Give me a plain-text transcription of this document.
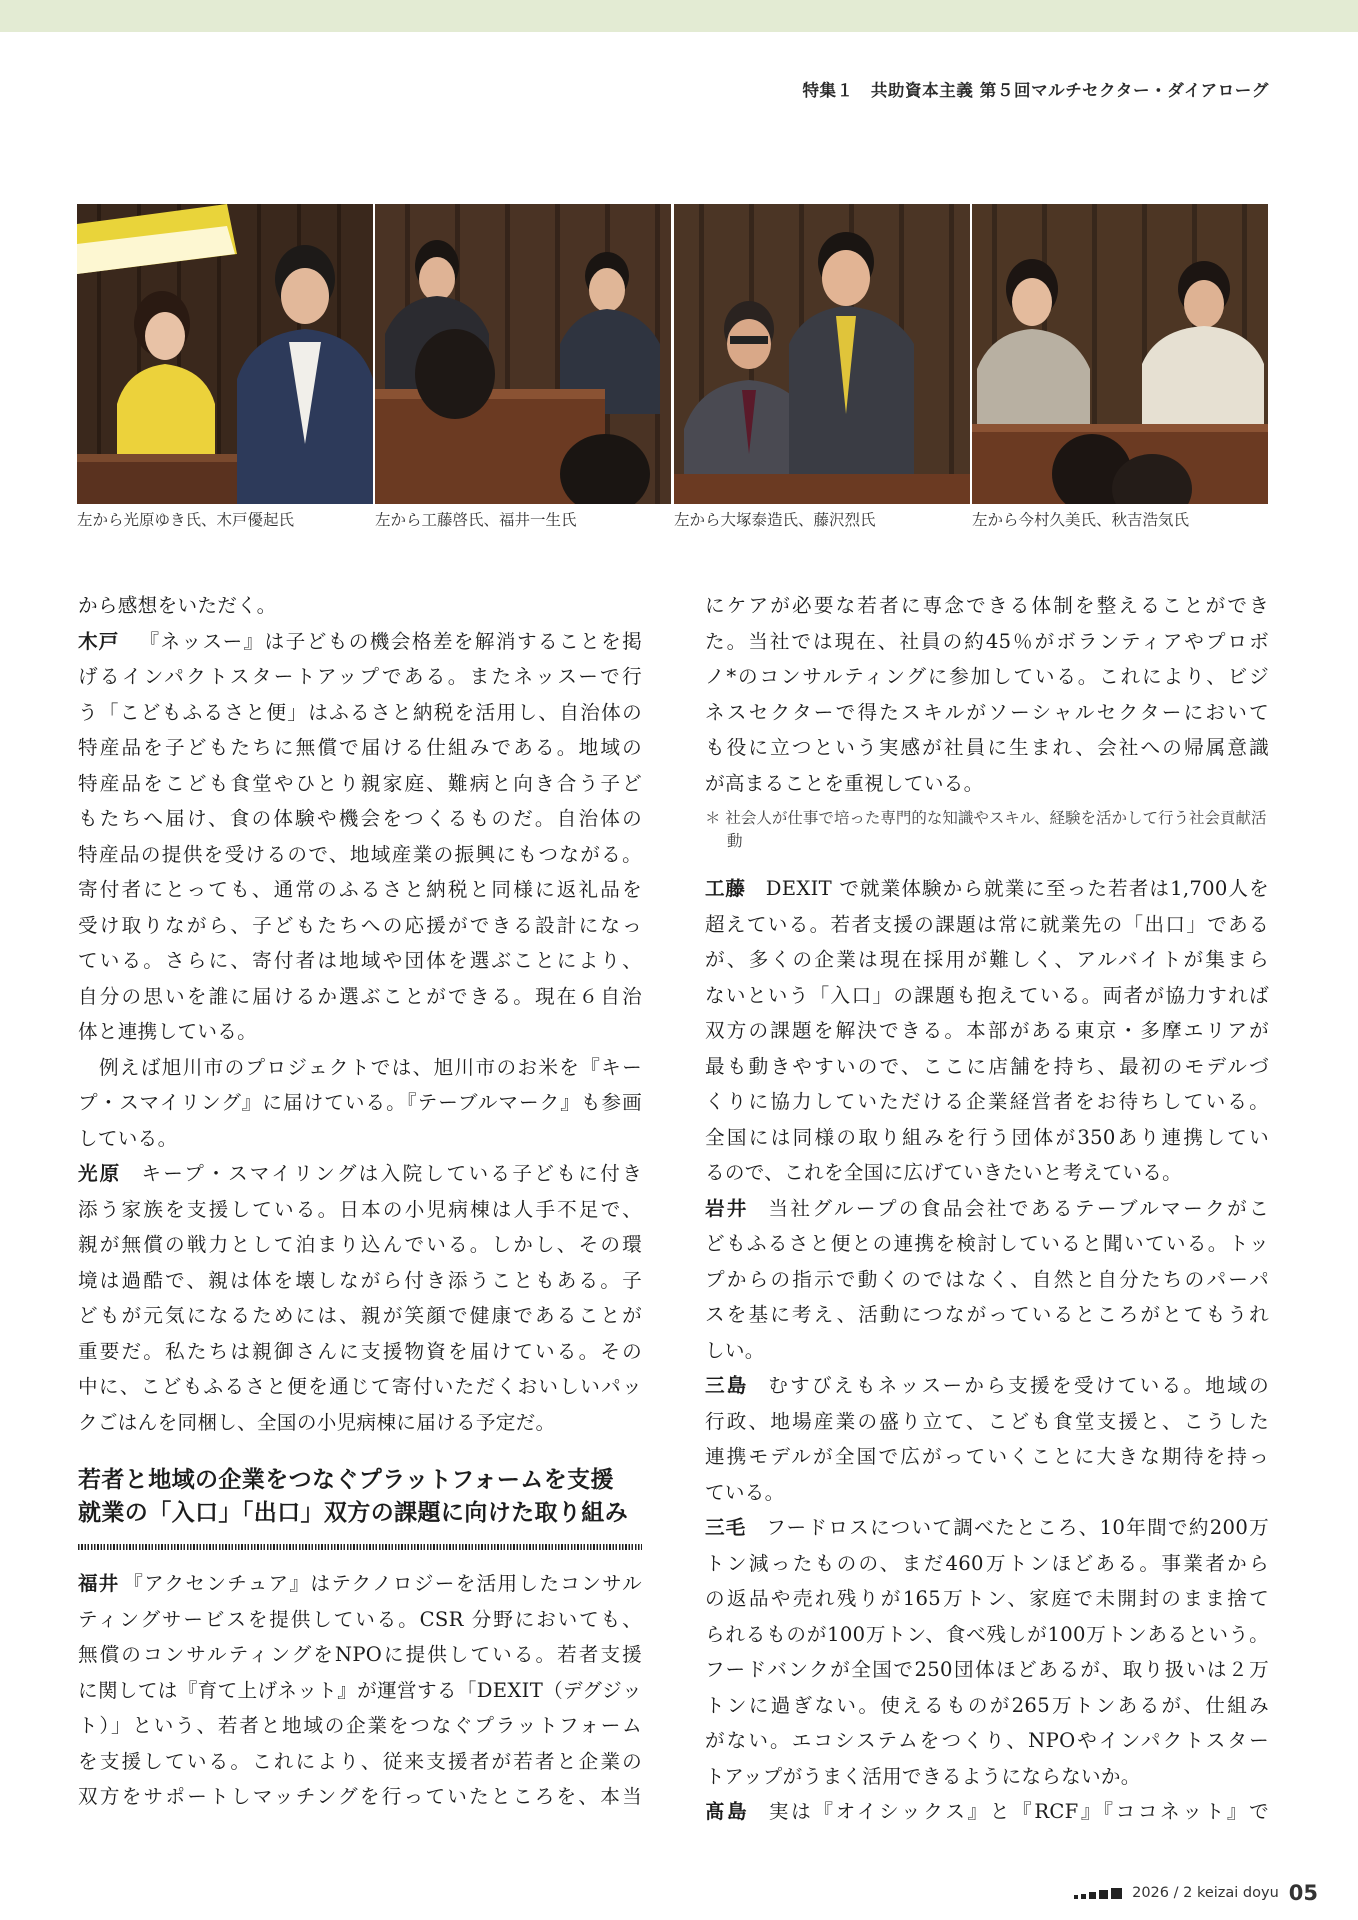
特集１　共助資本主義 第５回マルチセクター・ダイアローグ
左から光原ゆき氏、木戸優起氏	左から工藤啓氏、福井一生氏	左から大塚泰造氏、藤沢烈氏	左から今村久美氏、秋吉浩気氏
から感想をいただく。
木戸 『ネッスー』は子どもの機会格差を解消することを掲
げるインパクトスタートアップである。またネッスーで行
う「こどもふるさと便」はふるさと納税を活用し、自治体の
特産品を子どもたちに無償で届ける仕組みである。地域の
特産品をこども食堂やひとり親家庭、難病と向き合う子ど
もたちへ届け、食の体験や機会をつくるものだ。自治体の
特産品の提供を受けるので、地域産業の振興にもつながる。
寄付者にとっても、通常のふるさと納税と同様に返礼品を
受け取りながら、子どもたちへの応援ができる設計になっ
ている。さらに、寄付者は地域や団体を選ぶことにより、
自分の思いを誰に届けるか選ぶことができる。現在６自治
体と連携している。
　例えば旭川市のプロジェクトでは、旭川市のお米を『キー
プ・スマイリング』に届けている。『テーブルマーク』も参画
している。
光原 キープ・スマイリングは入院している子どもに付き
添う家族を支援している。日本の小児病棟は人手不足で、
親が無償の戦力として泊まり込んでいる。しかし、その環
境は過酷で、親は体を壊しながら付き添うこともある。子
どもが元気になるためには、親が笑顔で健康であることが
重要だ。私たちは親御さんに支援物資を届けている。その
中に、こどもふるさと便を通じて寄付いただくおいしいパッ
クごはんを同梱し、全国の小児病棟に届ける予定だ。
若者と地域の企業をつなぐプラットフォームを支援
就業の「入口」「出口」双方の課題に向けた取り組み
福井 『アクセンチュア』はテクノロジーを活用したコンサル
ティングサービスを提供している。CSR 分野においても、
無償のコンサルティングをNPOに提供している。若者支援
に関しては『育て上げネット』が運営する「DEXIT（デグジッ
ト）」という、若者と地域の企業をつなぐプラットフォーム
を支援している。これにより、従来支援者が若者と企業の
双方をサポートしマッチングを行っていたところを、本当
にケアが必要な若者に専念できる体制を整えることができ
た。当社では現在、社員の約45％がボランティアやプロボ
ノ*のコンサルティングに参加している。これにより、ビジ
ネスセクターで得たスキルがソーシャルセクターにおいて
も役に立つという実感が社員に生まれ、会社への帰属意識
が高まることを重視している。
＊ 社会人が仕事で培った専門的な知識やスキル、経験を活かして行う社会貢献活動
工藤 DEXIT で就業体験から就業に至った若者は1,700人を
超えている。若者支援の課題は常に就業先の「出口」である
が、多くの企業は現在採用が難しく、アルバイトが集まら
ないという「入口」の課題も抱えている。両者が協力すれば
双方の課題を解決できる。本部がある東京・多摩エリアが
最も動きやすいので、ここに店舗を持ち、最初のモデルづ
くりに協力していただける企業経営者をお待ちしている。
全国には同様の取り組みを行う団体が350あり連携してい
るので、これを全国に広げていきたいと考えている。
岩井 当社グループの食品会社であるテーブルマークがこ
どもふるさと便との連携を検討していると聞いている。トッ
プからの指示で動くのではなく、自然と自分たちのパーパ
スを基に考え、活動につながっているところがとてもうれ
しい。
三島 むすびえもネッスーから支援を受けている。地域の
行政、地場産業の盛り立て、こども食堂支援と、こうした
連携モデルが全国で広がっていくことに大きな期待を持っ
ている。
三毛 フードロスについて調べたところ、10年間で約200万
トン減ったものの、まだ460万トンほどある。事業者から
の返品や売れ残りが165万トン、家庭で未開封のまま捨て
られるものが100万トン、食べ残しが100万トンあるという。
フードバンクが全国で250団体ほどあるが、取り扱いは２万
トンに過ぎない。使えるものが265万トンあるが、仕組み
がない。エコシステムをつくり、NPOやインパクトスター
トアップがうまく活用できるようにならないか。
髙島 実は『オイシックス』と『RCF』『ココネット』で
2026 / 2 keizai doyu 05
